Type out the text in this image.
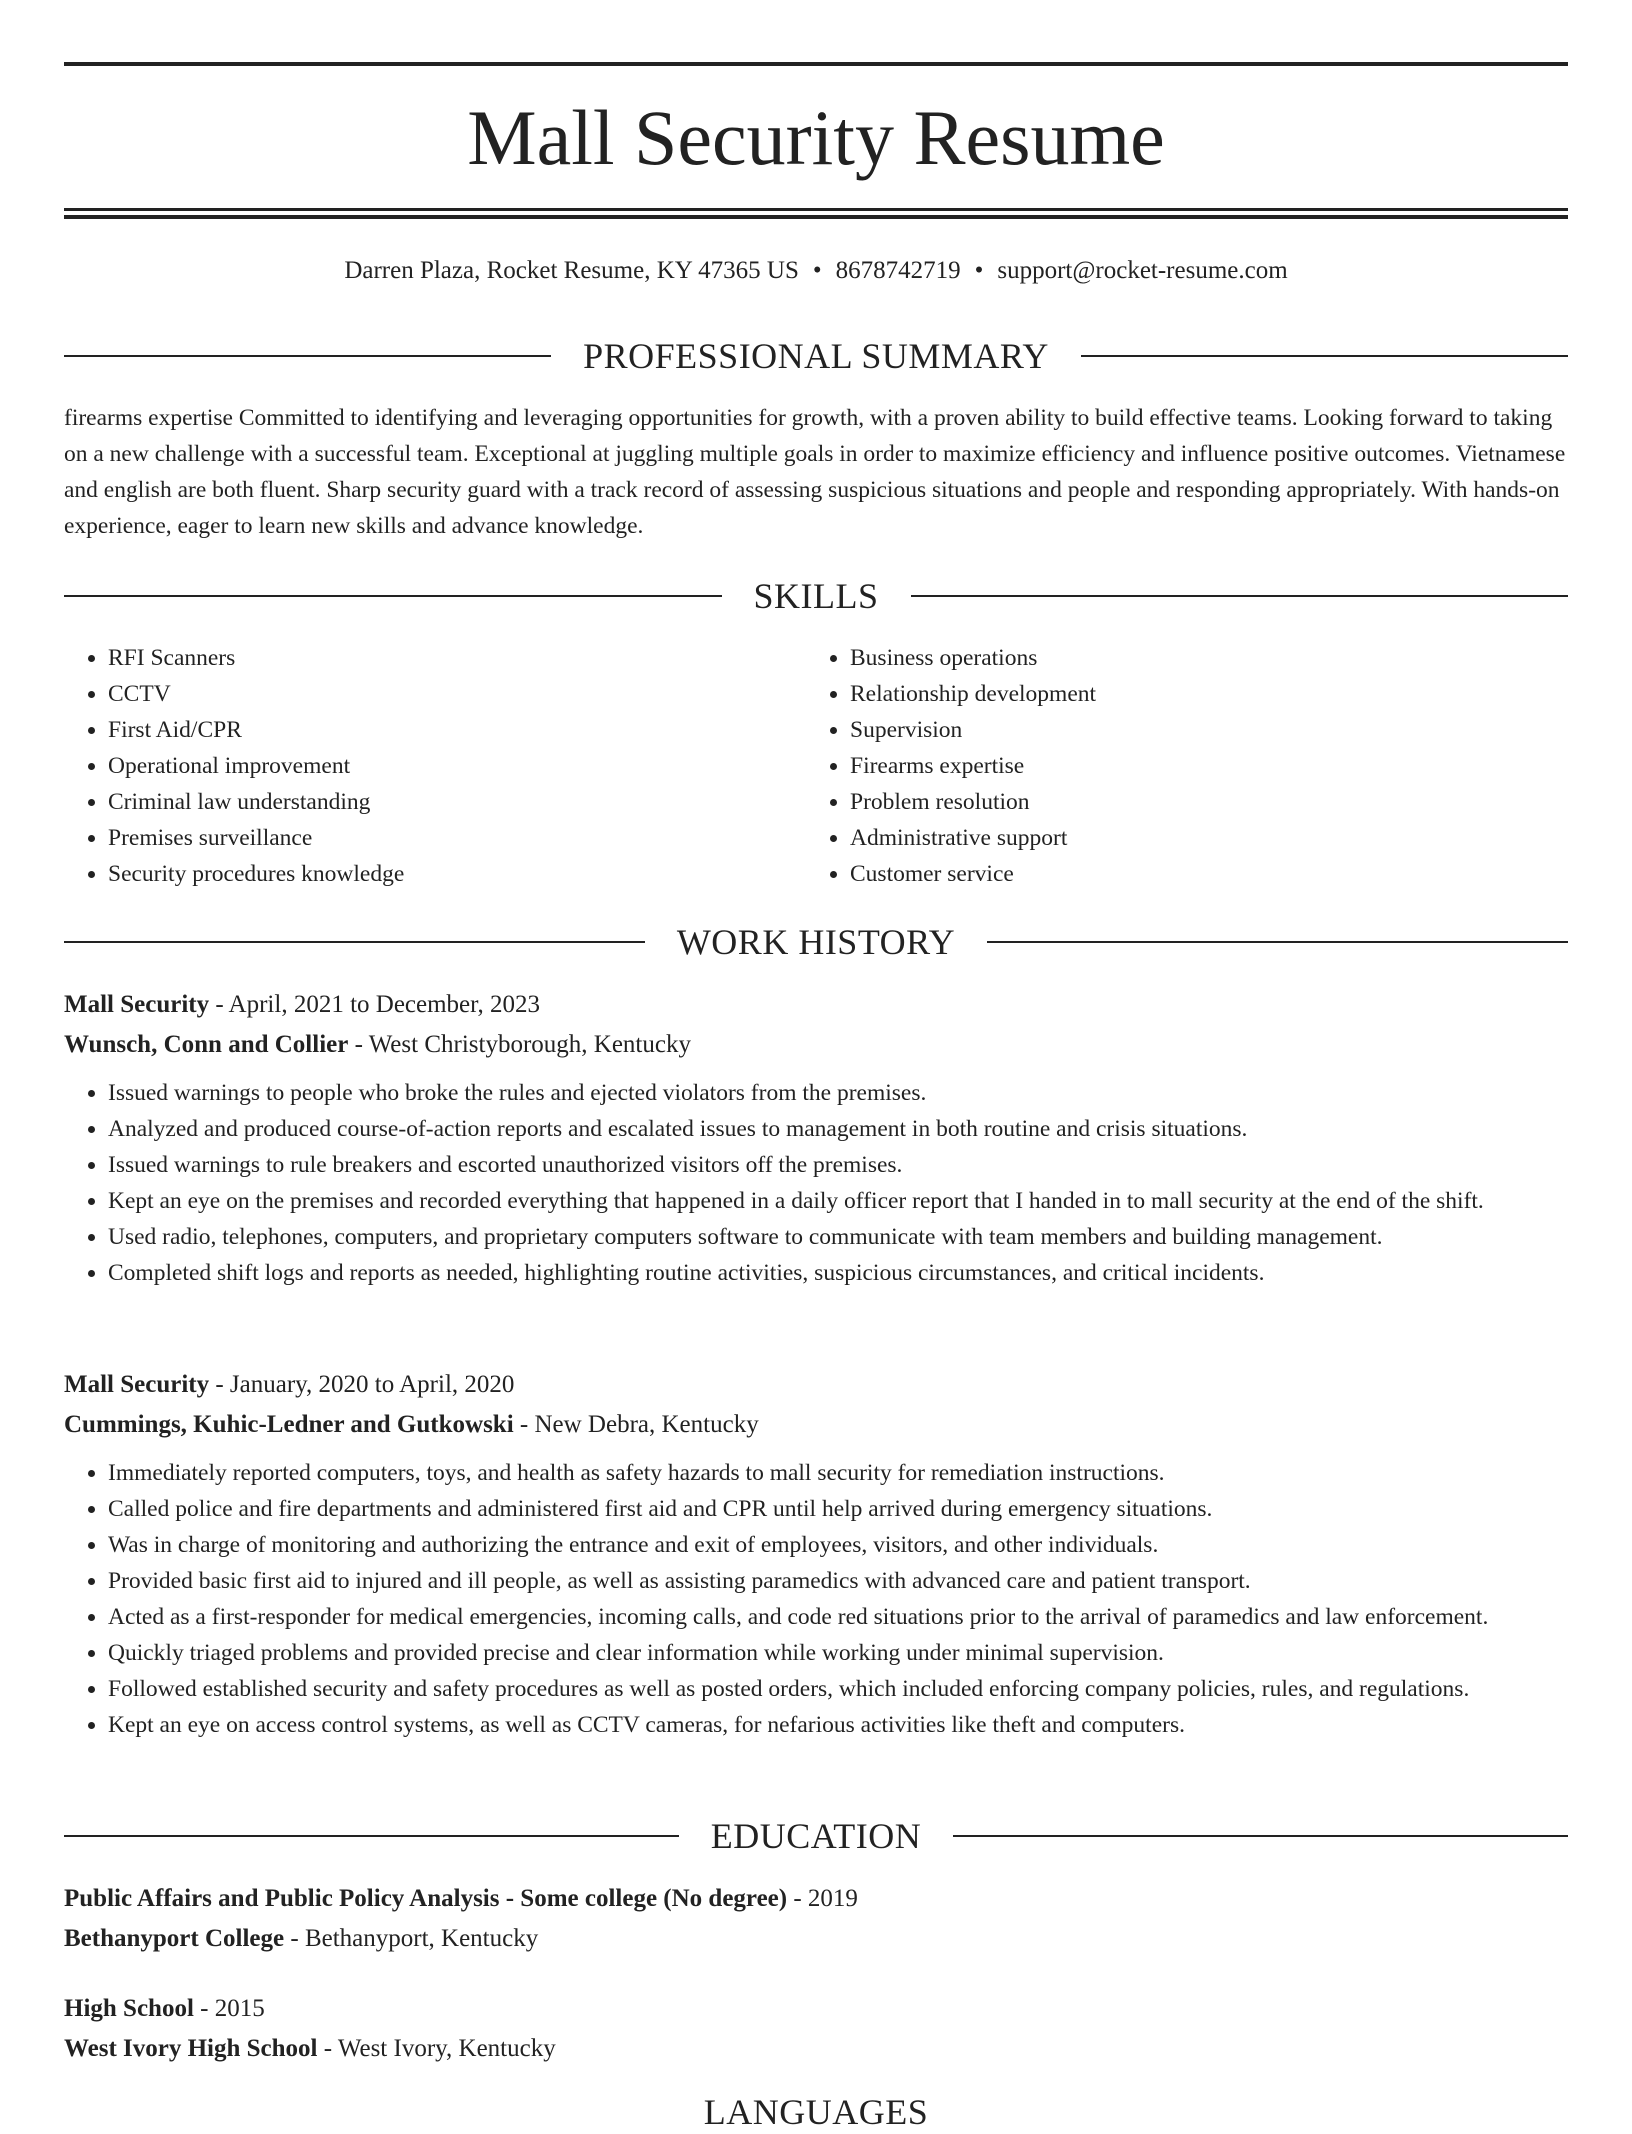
Mall Security Resume
Darren Plaza, Rocket Resume, KY 47365 US • 8678742719 • support@rocket-resume.com
PROFESSIONAL SUMMARY

firearms expertise Committed to identifying and leveraging opportunities for growth, with a proven ability to build effective teams. Looking forward to taking on a new challenge with a successful team. Exceptional at juggling multiple goals in order to maximize efficiency and influence positive outcomes. Vietnamese and english are both fluent. Sharp security guard with a track record of assessing suspicious situations and people and responding appropriately. With hands-on experience, eager to learn new skills and advance knowledge.

SKILLS
• RFI Scanners
• CCTV
• First Aid/CPR
• Operational improvement
• Criminal law understanding
• Premises surveillance
• Security procedures knowledge
• Business operations
• Relationship development
• Supervision
• Firearms expertise
• Problem resolution
• Administrative support
• Customer service
WORK HISTORY
Mall Security - April, 2021 to December, 2023
Wunsch, Conn and Collier - West Christyborough, Kentucky
• Issued warnings to people who broke the rules and ejected violators from the premises.
• Analyzed and produced course-of-action reports and escalated issues to management in both routine and crisis situations.
• Issued warnings to rule breakers and escorted unauthorized visitors off the premises.
• Kept an eye on the premises and recorded everything that happened in a daily officer report that I handed in to mall security at the end of the shift.
• Used radio, telephones, computers, and proprietary computers software to communicate with team members and building management.
• Completed shift logs and reports as needed, highlighting routine activities, suspicious circumstances, and critical incidents.
Mall Security - January, 2020 to April, 2020
Cummings, Kuhic-Ledner and Gutkowski - New Debra, Kentucky
• Immediately reported computers, toys, and health as safety hazards to mall security for remediation instructions.
• Called police and fire departments and administered first aid and CPR until help arrived during emergency situations.
• Was in charge of monitoring and authorizing the entrance and exit of employees, visitors, and other individuals.
• Provided basic first aid to injured and ill people, as well as assisting paramedics with advanced care and patient transport.
• Acted as a first-responder for medical emergencies, incoming calls, and code red situations prior to the arrival of paramedics and law enforcement.
• Quickly triaged problems and provided precise and clear information while working under minimal supervision.
• Followed established security and safety procedures as well as posted orders, which included enforcing company policies, rules, and regulations.
• Kept an eye on access control systems, as well as CCTV cameras, for nefarious activities like theft and computers.
EDUCATION
Public Affairs and Public Policy Analysis - Some college (No degree) - 2019
Bethanyport College - Bethanyport, Kentucky
High School - 2015
West Ivory High School - West Ivory, Kentucky
LANGUAGES
